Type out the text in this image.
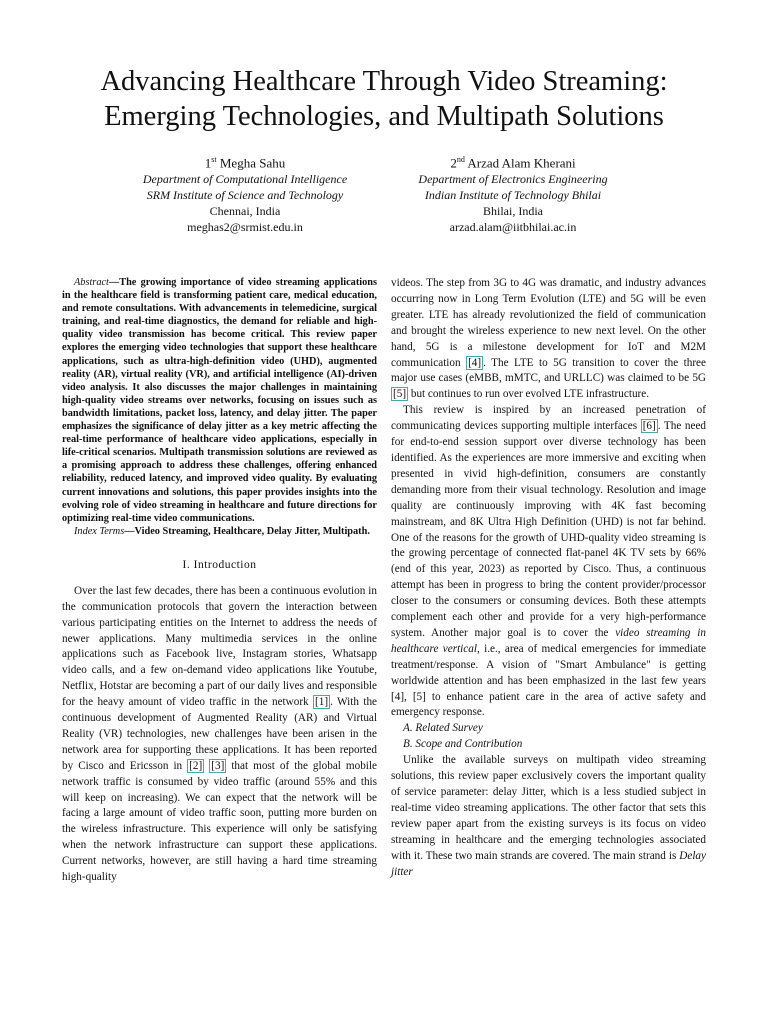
Advancing Healthcare Through Video Streaming:
Emerging Technologies, and Multipath Solutions
1st Megha Sahu
Department of Computational Intelligence
SRM Institute of Science and Technology
Chennai, India
meghas2@srmist.edu.in
2nd Arzad Alam Kherani
Department of Electronics Engineering
Indian Institute of Technology Bhilai
Bhilai, India
arzad.alam@iitbhilai.ac.in

Abstract—The growing importance of video streaming applications in the healthcare field is transforming patient care, medical education, and remote consultations. With advancements in telemedicine, surgical training, and real-time diagnostics, the demand for reliable and high-quality video transmission has become critical. This review paper explores the emerging video technologies that support these healthcare applications, such as ultra-high-definition video (UHD), augmented reality (AR), virtual reality (VR), and artificial intelligence (AI)-driven video analysis. It also discusses the major challenges in maintaining high-quality video streams over networks, focusing on issues such as bandwidth limitations, packet loss, latency, and delay jitter. The paper emphasizes the significance of delay jitter as a key metric affecting the real-time performance of healthcare video applications, especially in life-critical scenarios. Multipath transmission solutions are reviewed as a promising approach to address these challenges, offering enhanced reliability, reduced latency, and improved video quality. By evaluating current innovations and solutions, this paper provides insights into the evolving role of video streaming in healthcare and future directions for optimizing real-time video communications.

Index Terms—Video Streaming, Healthcare, Delay Jitter, Multipath.

I. Introduction

Over the last few decades, there has been a continuous evolution in the communication protocols that govern the interaction between various participating entities on the Internet to address the needs of newer applications. Many multimedia services in the online applications such as Facebook live, Instagram stories, Whatsapp video calls, and a few on-demand video applications like Youtube, Netflix, Hotstar are becoming a part of our daily lives and responsible for the heavy amount of video traffic in the network [1] . With the continuous development of Augmented Reality (AR) and Virtual Reality (VR) technologies, new challenges have been arisen in the network area for supporting these applications. It has been reported by Cisco and Ericsson in [2] [3] that most of the global mobile network traffic is consumed by video traffic (around 55% and this will keep on increasing). We can expect that the network will be facing a large amount of video traffic soon, putting more burden on the wireless infrastructure. This experience will only be satisfying when the network infrastructure can support these applications. Current networks, however, are still having a hard time streaming high-quality

videos. The step from 3G to 4G was dramatic, and industry advances occurring now in Long Term Evolution (LTE) and 5G will be even greater. LTE has already revolutionized the field of communication and brought the wireless experience to new next level. On the other hand, 5G is a milestone development for IoT and M2M communication [4] . The LTE to 5G transition to cover the three major use cases (eMBB, mMTC, and URLLC) was claimed to be 5G [5] but continues to run over evolved LTE infrastructure.

This review is inspired by an increased penetration of communicating devices supporting multiple interfaces [6] . The need for end-to-end session support over diverse technology has been identified. As the experiences are more immersive and exciting when presented in vivid high-definition, consumers are constantly demanding more from their visual technology. Resolution and image quality are continuously improving with 4K fast becoming mainstream, and 8K Ultra High Definition (UHD) is not far behind. One of the reasons for the growth of UHD-quality video streaming is the growing percentage of connected flat-panel 4K TV sets by 66% (end of this year, 2023) as reported by Cisco. Thus, a continuous attempt has been in progress to bring the content provider/processor closer to the consumers or consuming devices. Both these attempts complement each other and provide for a very high-performance system. Another major goal is to cover the video streaming in healthcare vertical, i.e., area of medical emergencies for immediate treatment/response. A vision of "Smart Ambulance" is getting worldwide attention and has been emphasized in the last few years [4], [5] to enhance patient care in the area of active safety and emergency response.

A. Related Survey

B. Scope and Contribution

Unlike the available surveys on multipath video streaming solutions, this review paper exclusively covers the important quality of service parameter: delay Jitter, which is a less studied subject in real-time video streaming applications. The other factor that sets this review paper apart from the existing surveys is its focus on video streaming in healthcare and the emerging technologies associated with it. These two main strands are covered. The main strand is Delay jitter
